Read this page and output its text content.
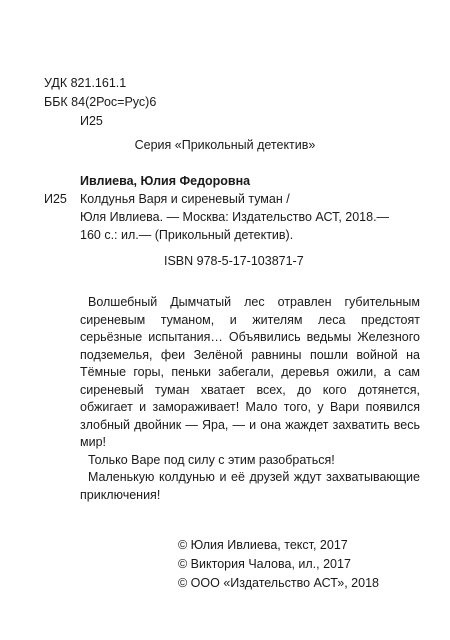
УДК 821.161.1
ББК 84(2Рос=Рус)6
И25
Серия «Прикольный детектив»
Ивлиева, Юлия Федоровна
И25 Колдунья Варя и сиреневый туман /
Юля Ивлиева. — Москва: Издательство АСТ, 2018.—
160 с.: ил.— (Прикольный детектив).
ISBN 978-5-17-103871-7

Волшебный Дымчатый лес отравлен губительным сиреневым туманом, и жителям леса предстоят серьёзные испытания… Объявились ведьмы Железного подземелья, феи Зелёной равнины пошли войной на Тёмные горы, пеньки забегали, деревья ожили, а сам сиреневый туман хватает всех, до кого дотянется, обжигает и замораживает! Мало того, у Вари появился злобный двойник — Яра, — и она жаждет захватить весь мир!

Только Варе под силу с этим разобраться!

Маленькую колдунью и её друзей ждут захватывающие приключения!

© Юлия Ивлиева, текст, 2017
© Виктория Чалова, ил., 2017
© ООО «Издательство АСТ», 2018
